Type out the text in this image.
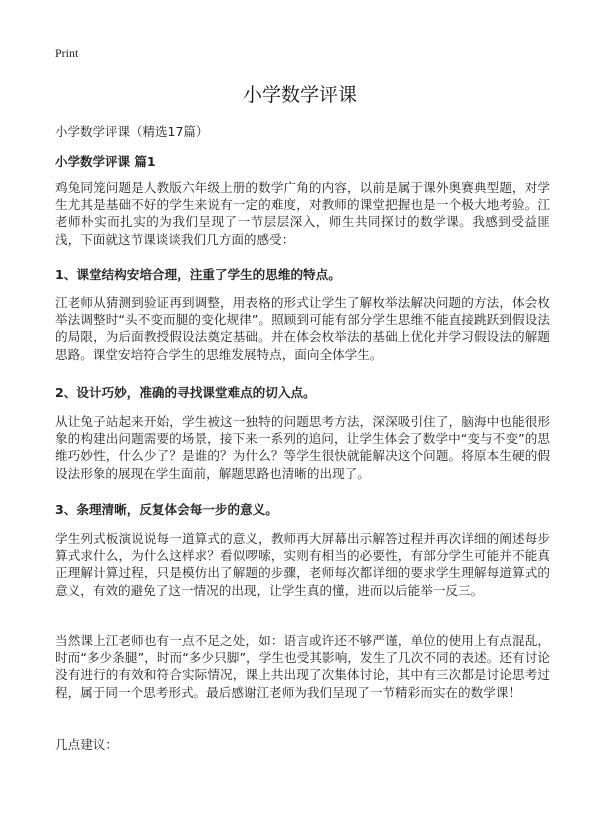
Print
小学数学评课
小学数学评课（精选17篇）
小学数学评课 篇1

鸡兔同笼问题是人教版六年级上册的数学广角的内容，以前是属于课外奥赛典型题，对学生尤其是基础不好的学生来说有一定的难度，对教师的课堂把握也是一个极大地考验。江老师朴实而扎实的为我们呈现了一节层层深入，师生共同探讨的数学课。我感到受益匪浅，下面就这节课谈谈我们几方面的感受：

1、课堂结构安培合理，注重了学生的思维的特点。

江老师从猜测到验证再到调整，用表格的形式让学生了解枚举法解决问题的方法，体会枚举法调整时“头不变而腿的变化规律”。照顾到可能有部分学生思维不能直接跳跃到假设法的局限，为后面教授假设法奠定基础。并在体会枚举法的基础上优化并学习假设法的解题思路。课堂安培符合学生的思维发展特点，面向全体学生。

2、设计巧妙，准确的寻找课堂难点的切入点。

从让兔子站起来开始，学生被这一独特的问题思考方法，深深吸引住了，脑海中也能很形象的构建出问题需要的场景，接下来一系列的追问，让学生体会了数学中“变与不变”的思维巧妙性，什么少了？是谁的？为什么？等学生很快就能解决这个问题。将原本生硬的假设法形象的展现在学生面前，解题思路也清晰的出现了。

3、条理清晰，反复体会每一步的意义。

学生列式板演说说每一道算式的意义，教师再大屏幕出示解答过程并再次详细的阐述每步算式求什么，为什么这样求？看似啰嗦，实则有相当的必要性，有部分学生可能并不能真正理解计算过程，只是模仿出了解题的步骤，老师每次都详细的要求学生理解每道算式的意义，有效的避免了这一情况的出现，让学生真的懂，进而以后能举一反三。

当然课上江老师也有一点不足之处，如：语言或许还不够严谨，单位的使用上有点混乱，时而“多少条腿”，时而“多少只脚”，学生也受其影响，发生了几次不同的表述。还有讨论没有进行的有效和符合实际情况，课上共出现了次集体讨论，其中有三次都是讨论思考过程，属于同一个思考形式。最后感谢江老师为我们呈现了一节精彩而实在的数学课！

几点建议：
